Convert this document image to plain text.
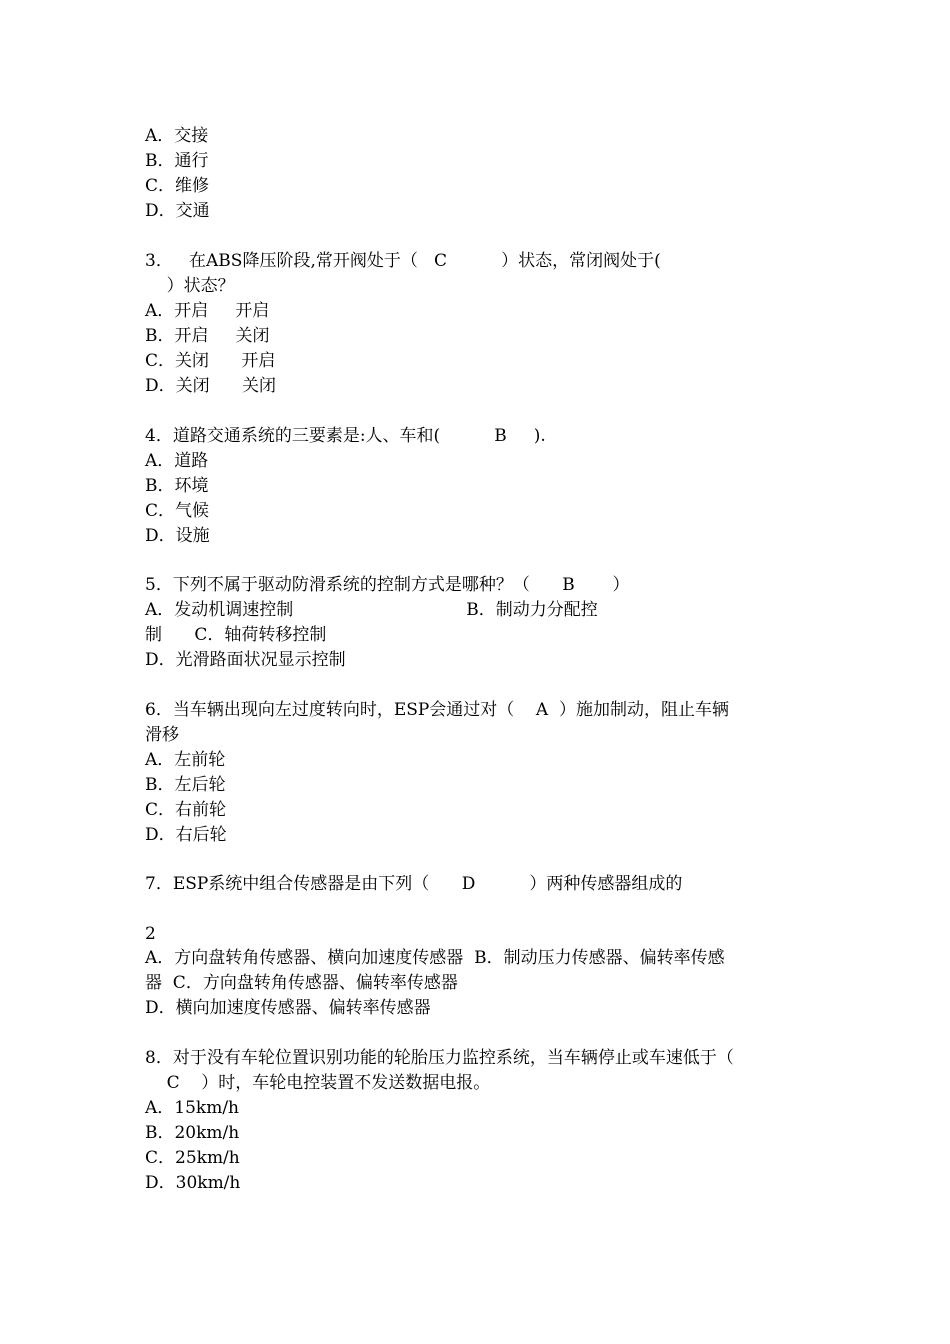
A．交接
B．通行
C．维修
D．交通
3．   在ABS降压阶段,常开阀处于（   C          ）状态，常闭阀处于(
）状态？
A．开启     开启
B．开启     关闭
C．关闭      开启
D．关闭      关闭
4．道路交通系统的三要素是:人、车和(          B     ).
A．道路
B．环境
C．气候
D．设施
5．下列不属于驱动防滑系统的控制方式是哪种？（      B       ）
A．发动机调速控制                                B．制动力分配控
制      C．轴荷转移控制
D．光滑路面状况显示控制
6．当车辆出现向左过度转向时，ESP会通过对（    A  ）施加制动，阻止车辆
滑移
A．左前轮
B．左后轮
C．右前轮
D．右后轮
7．ESP系统中组合传感器是由下列（      D          ）两种传感器组成的
2
A．方向盘转角传感器、横向加速度传感器  B．制动压力传感器、偏转率传感
器  C．方向盘转角传感器、偏转率传感器
D．横向加速度传感器、偏转率传感器
8．对于没有车轮位置识别功能的轮胎压力监控系统，当车辆停止或车速低于（
C    ）时，车轮电控装置不发送数据电报。
A．15km/h
B．20km/h
C．25km/h
D．30km/h
